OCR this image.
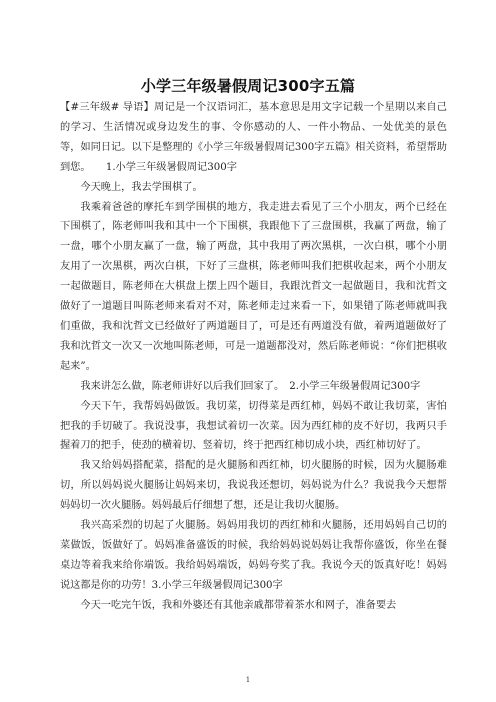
小学三年级暑假周记300字五篇

【#三年级# 导语】周记是一个汉语词汇，基本意思是用文字记载一个星期以来自己的学习、生活情况或身边发生的事、令你感动的人、一件小物品、一处优美的景色等，如同日记。以下是整理的《小学三年级暑假周记300字五篇》相关资料，希望帮助到您。　　1.小学三年级暑假周记300字

今天晚上，我去学围棋了。

我乘着爸爸的摩托车到学围棋的地方，我走进去看见了三个小朋友，两个已经在下围棋了，陈老师叫我和其中一个下围棋，我跟他下了三盘围棋，我赢了两盘，输了一盘，哪个小朋友赢了一盘，输了两盘，其中我用了两次黑棋，一次白棋，哪个小朋友用了一次黑棋，两次白棋，下好了三盘棋，陈老师叫我们把棋收起来，两个小朋友一起做题目，陈老师在大棋盘上摆上四个题目，我跟沈哲文一起做题目，我和沈哲文做好了一道题目叫陈老师来看对不对，陈老师走过来看一下，如果错了陈老师就叫我们重做，我和沈哲文已经做好了两道题目了，可是还有两道没有做，着两道题做好了我和沈哲文一次又一次地叫陈老师，可是一道题都没对，然后陈老师说：“你们把棋收起来”。

我来讲怎么做，陈老师讲好以后我们回家了。　2.小学三年级暑假周记300字

今天下午，我帮妈妈做饭。我切菜，切得菜是西红柿，妈妈不敢让我切菜，害怕把我的手切破了。我说没事，我想试着切一次菜。因为西红柿的皮不好切，我两只手握着刀的把手，使劲的横着切、竖着切，终于把西红柿切成小块，西红柿切好了。

我又给妈妈搭配菜，搭配的是火腿肠和西红柿，切火腿肠的时候，因为火腿肠难切，所以妈妈说火腿肠让妈妈来切，我说我还想切，妈妈说为什么？我说我今天想帮妈妈切一次火腿肠。妈妈最后仔细想了想，还是让我切火腿肠。

我兴高采烈的切起了火腿肠。妈妈用我切的西红柿和火腿肠，还用妈妈自己切的菜做饭，饭做好了。妈妈准备盛饭的时候，我给妈妈说妈妈让我帮你盛饭，你坐在餐桌边等着我来给你端饭。我给妈妈端饭，妈妈夸奖了我。我说今天的饭真好吃！妈妈说这都是你的功劳！3.小学三年级暑假周记300字

今天一吃完午饭，我和外婆还有其他亲戚都带着茶水和网子，准备要去

1
